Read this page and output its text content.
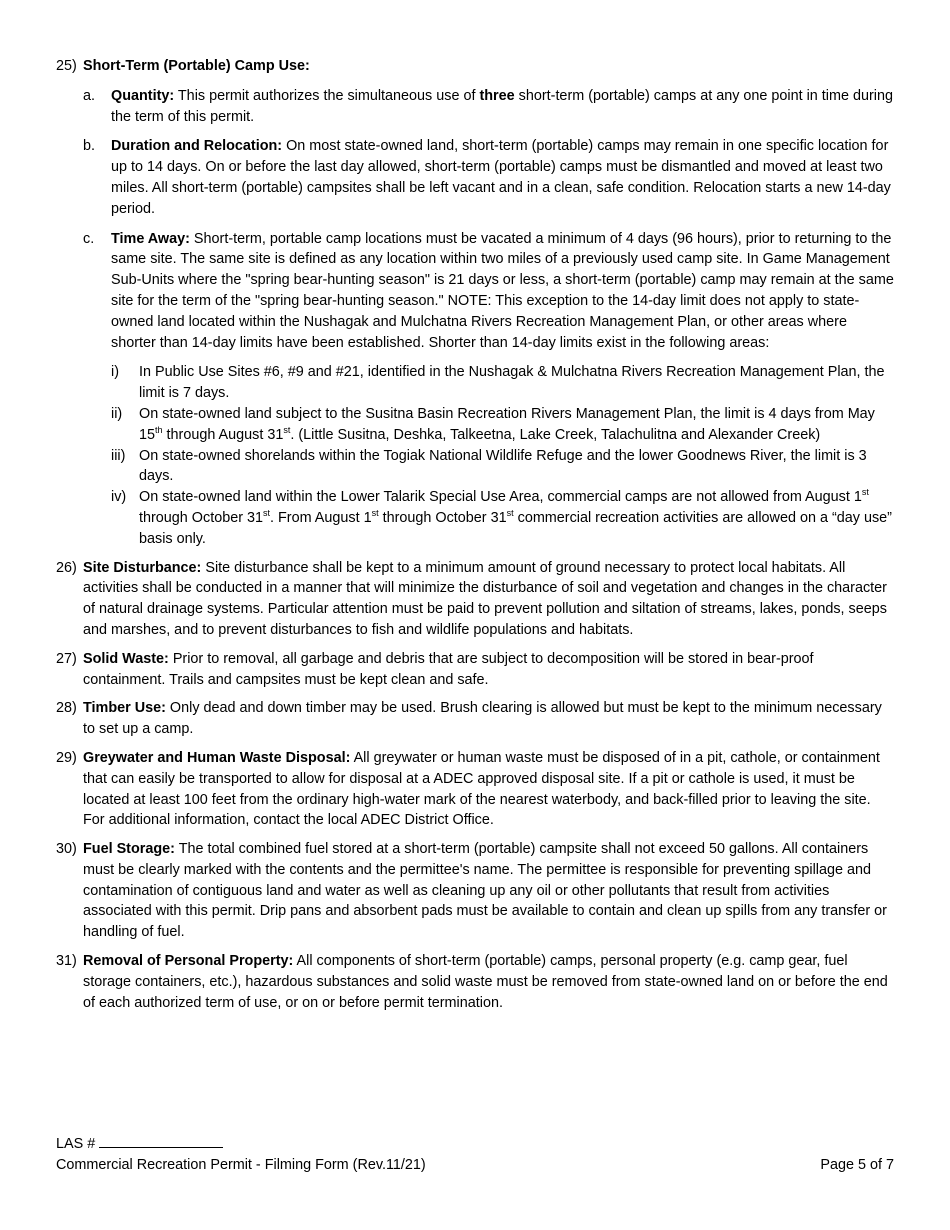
25) Short-Term (Portable) Camp Use:
a.	Quantity: This permit authorizes the simultaneous use of three short-term (portable) camps at any one point in time during the term of this permit.
b.	Duration and Relocation: On most state-owned land, short-term (portable) camps may remain in one specific location for up to 14 days. On or before the last day allowed, short-term (portable) camps must be dismantled and moved at least two miles. All short-term (portable) campsites shall be left vacant and in a clean, safe condition. Relocation starts a new 14-day period.
c.	Time Away: Short-term, portable camp locations must be vacated a minimum of 4 days (96 hours), prior to returning to the same site. The same site is defined as any location within two miles of a previously used camp site. In Game Management Sub-Units where the "spring bear-hunting season" is 21 days or less, a short-term (portable) camp may remain at the same site for the term of the "spring bear-hunting season." NOTE: This exception to the 14-day limit does not apply to state-owned land located within the Nushagak and Mulchatna Rivers Recreation Management Plan, or other areas where shorter than 14-day limits have been established. Shorter than 14-day limits exist in the following areas:
i)	In Public Use Sites #6, #9 and #21, identified in the Nushagak & Mulchatna Rivers Recreation Management Plan, the limit is 7 days.
ii)	On state-owned land subject to the Susitna Basin Recreation Rivers Management Plan, the limit is 4 days from May 15th through August 31st. (Little Susitna, Deshka, Talkeetna, Lake Creek, Talachulitna and Alexander Creek)
iii) On state-owned shorelands within the Togiak National Wildlife Refuge and the lower Goodnews River, the limit is 3 days.
iv) On state-owned land within the Lower Talarik Special Use Area, commercial camps are not allowed from August 1st through October 31st. From August 1st through October 31st commercial recreation activities are allowed on a “day use” basis only.
26) Site Disturbance: Site disturbance shall be kept to a minimum amount of ground necessary to protect local habitats. All activities shall be conducted in a manner that will minimize the disturbance of soil and vegetation and changes in the character of natural drainage systems. Particular attention must be paid to prevent pollution and siltation of streams, lakes, ponds, seeps and marshes, and to prevent disturbances to fish and wildlife populations and habitats.
27) Solid Waste: Prior to removal, all garbage and debris that are subject to decomposition will be stored in bear-proof containment. Trails and campsites must be kept clean and safe.
28) Timber Use: Only dead and down timber may be used. Brush clearing is allowed but must be kept to the minimum necessary to set up a camp.
29) Greywater and Human Waste Disposal: All greywater or human waste must be disposed of in a pit, cathole, or containment that can easily be transported to allow for disposal at a ADEC approved disposal site. If a pit or cathole is used, it must be located at least 100 feet from the ordinary high-water mark of the nearest waterbody, and back-filled prior to leaving the site. For additional information, contact the local ADEC District Office.
30) Fuel Storage: The total combined fuel stored at a short-term (portable) campsite shall not exceed 50 gallons. All containers must be clearly marked with the contents and the permittee's name. The permittee is responsible for preventing spillage and contamination of contiguous land and water as well as cleaning up any oil or other pollutants that result from activities associated with this permit. Drip pans and absorbent pads must be available to contain and clean up spills from any transfer or handling of fuel.
31) Removal of Personal Property: All components of short-term (portable) camps, personal property (e.g. camp gear, fuel storage containers, etc.), hazardous substances and solid waste must be removed from state-owned land on or before the end of each authorized term of use, or on or before permit termination.
LAS #
Commercial Recreation Permit - Filming Form (Rev.11/21)	Page 5 of 7
